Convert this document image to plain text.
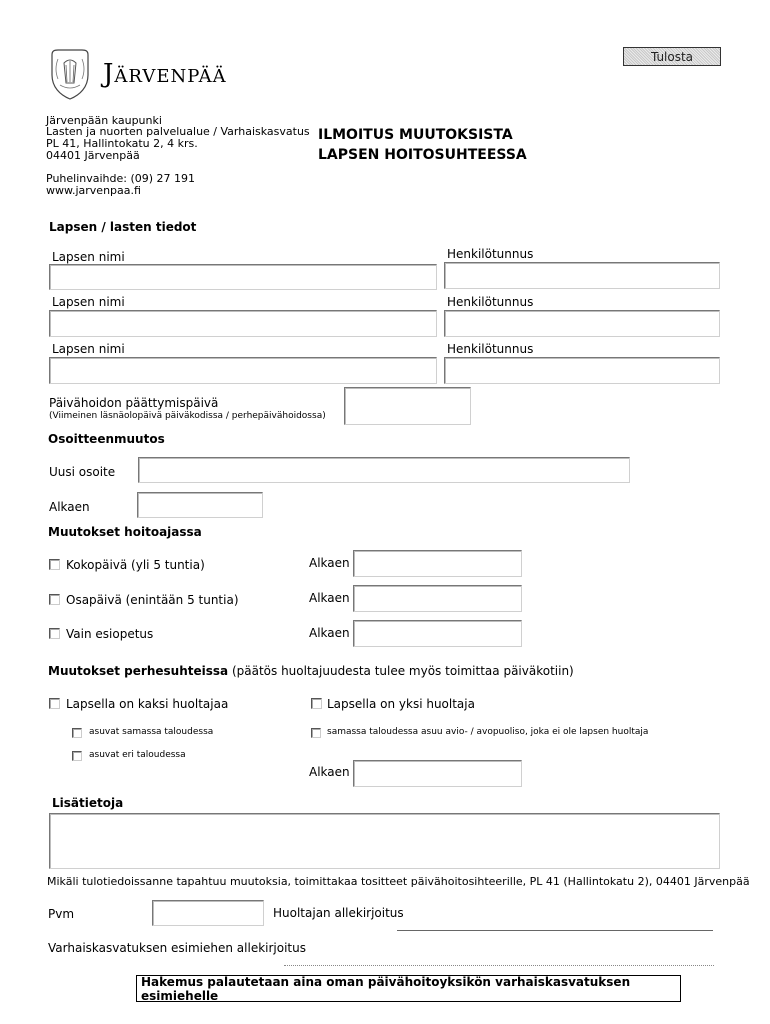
Tulosta
Järvenpää
Järvenpään kaupunki
Lasten ja nuorten palvelualue / Varhaiskasvatus
PL 41, Hallintokatu 2, 4 krs.
04401 Järvenpää
Puhelinvaihde: (09) 27 191
www.jarvenpaa.fi
ILMOITUS MUUTOKSISTA
LAPSEN HOITOSUHTEESSA
Lapsen / lasten tiedot
Lapsen nimi	Henkilötunnus
Lapsen nimi	Henkilötunnus
Lapsen nimi	Henkilötunnus
Päivähoidon päättymispäivä
(Viimeinen läsnäolopäivä päiväkodissa / perhepäivähoidossa)
Osoitteenmuutos
Uusi osoite
Alkaen
Muutokset hoitoajassa
Kokopäivä (yli 5 tuntia)	Alkaen
Osapäivä (enintään 5 tuntia)	Alkaen
Vain esiopetus	Alkaen
Muutokset perhesuhteissa (päätös huoltajuudesta tulee myös toimittaa päiväkotiin)
Lapsella on kaksi huoltajaa	Lapsella on yksi huoltaja
asuvat samassa taloudessa	samassa taloudessa asuu avio- / avopuoliso, joka ei ole lapsen huoltaja
asuvat eri taloudessa
Alkaen
Lisätietoja
Mikäli tulotiedoissanne tapahtuu muutoksia, toimittakaa tositteet päivähoitosihteerille, PL 41 (Hallintokatu 2), 04401 Järvenpää
Pvm	Huoltajan allekirjoitus
Varhaiskasvatuksen esimiehen allekirjoitus
Hakemus palautetaan aina oman päivähoitoyksikön varhaiskasvatuksen esimiehelle
